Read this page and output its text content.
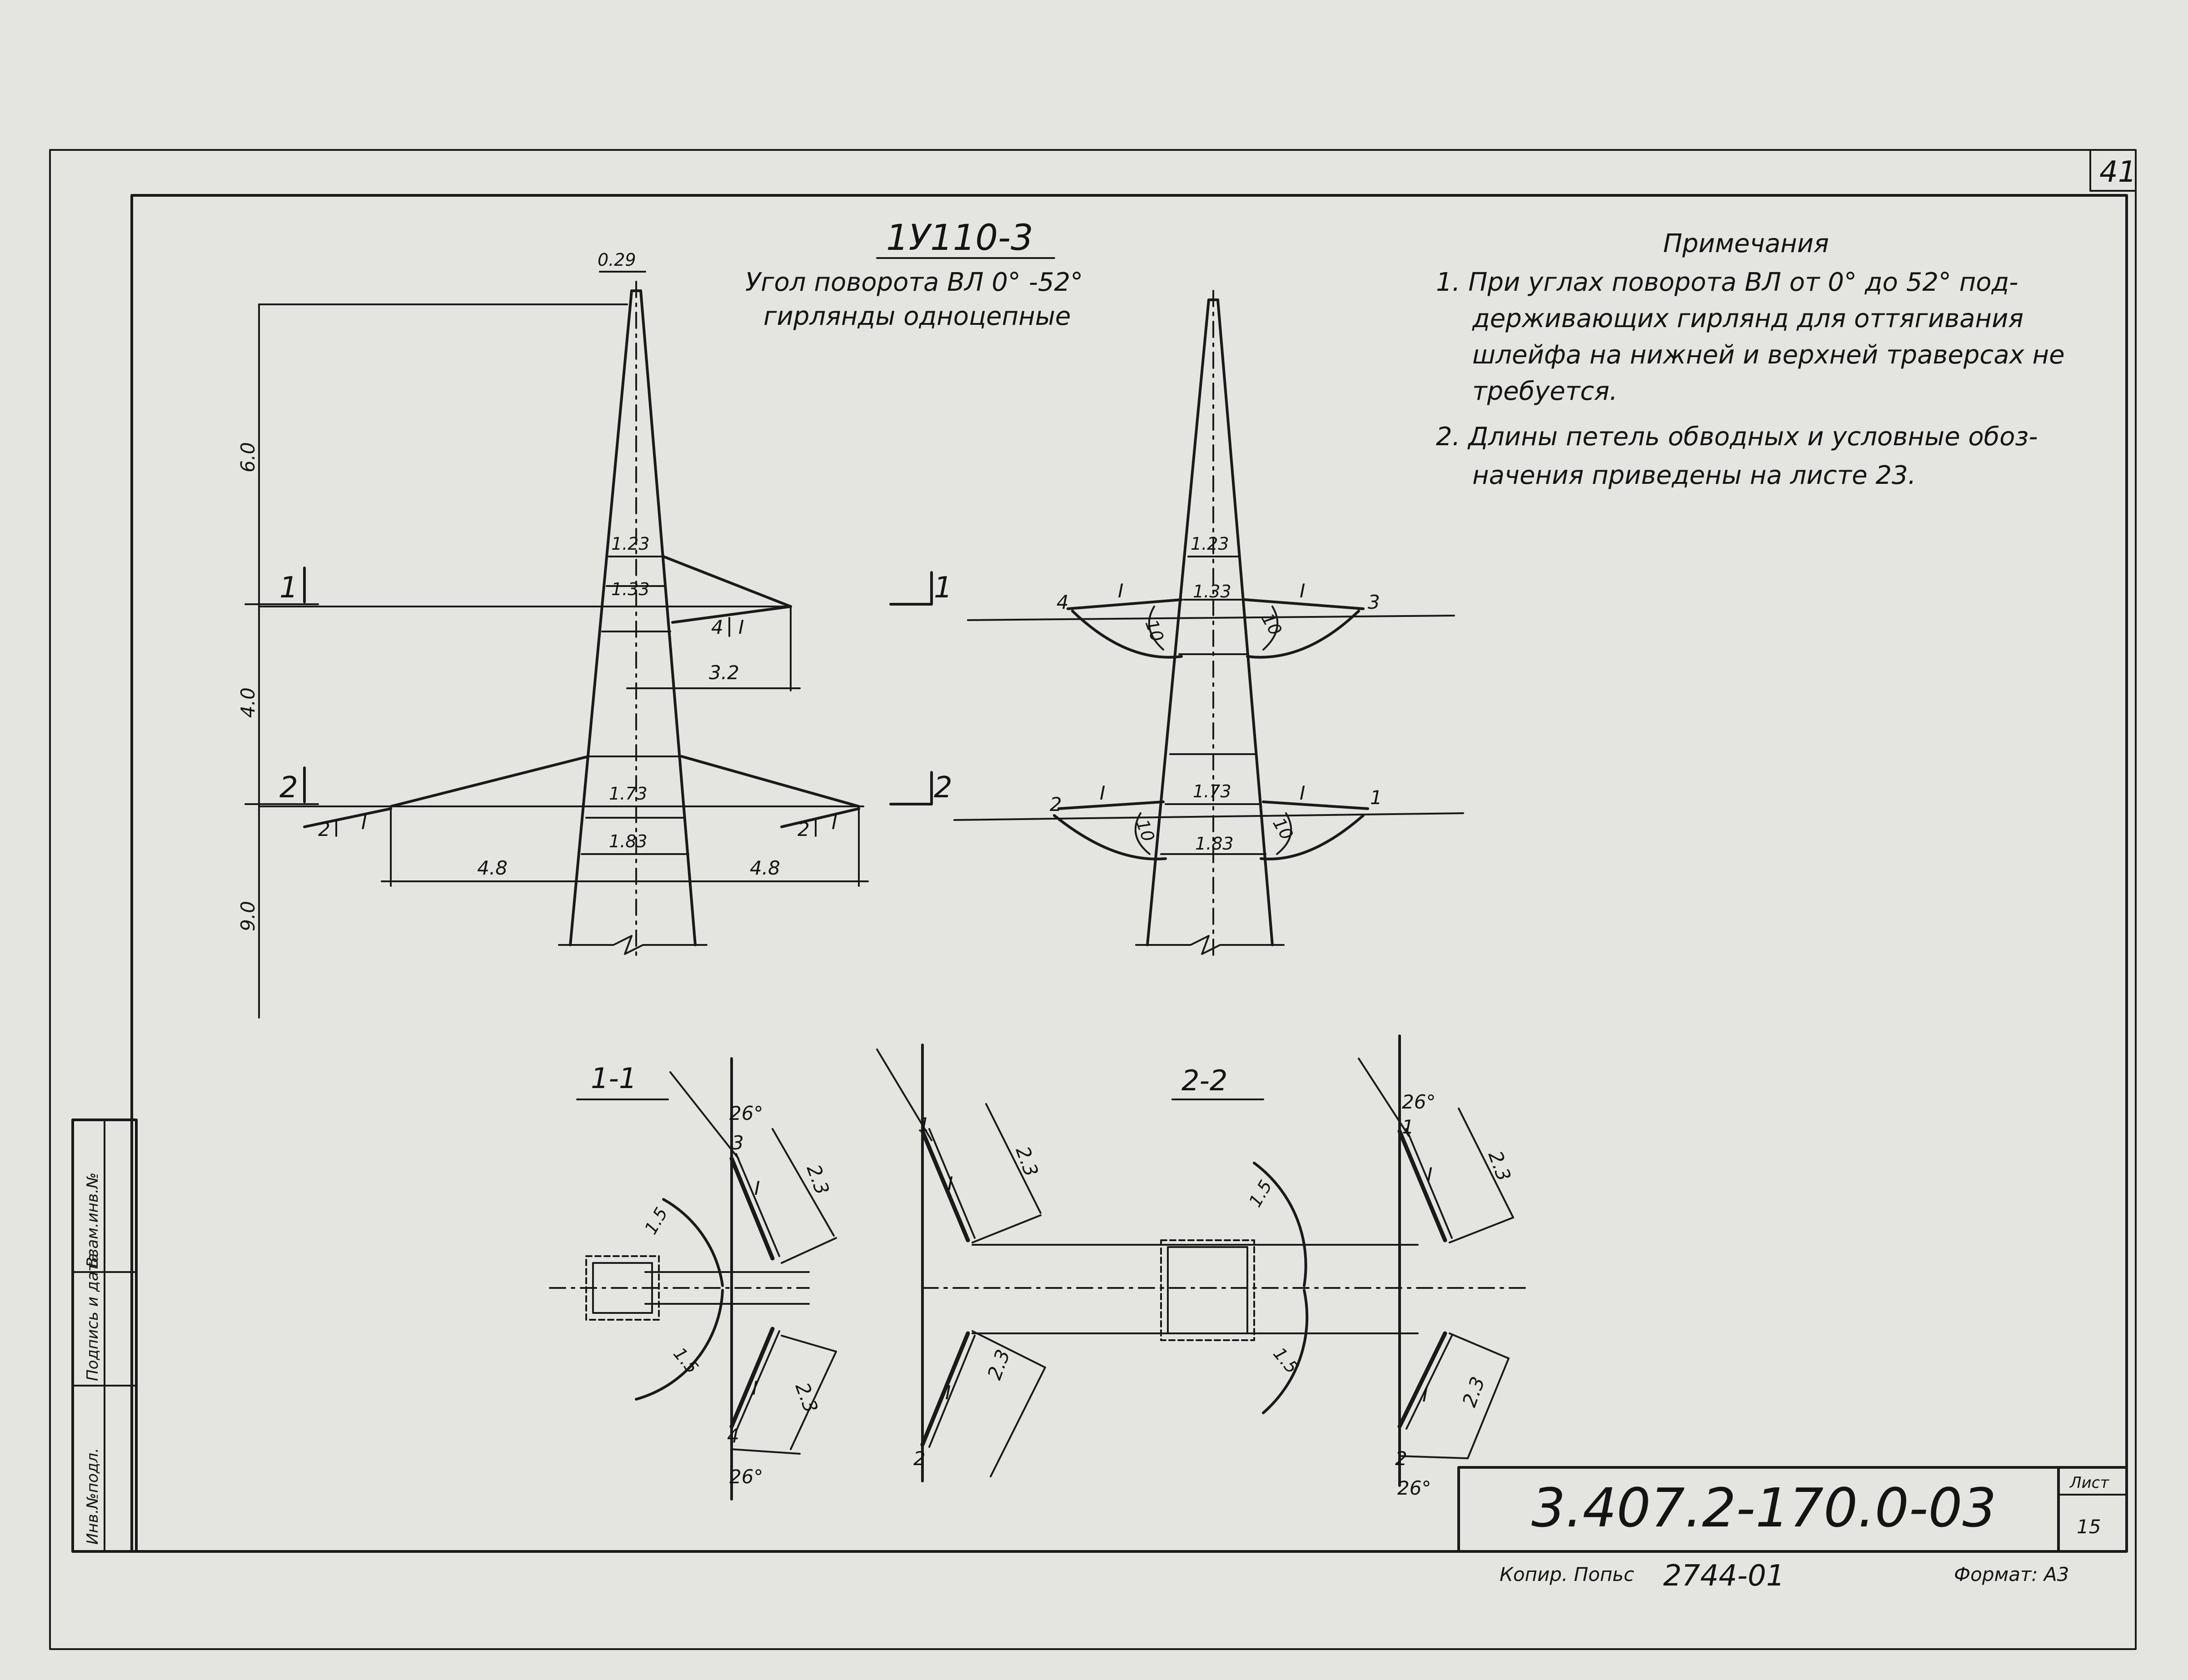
41
Инв.№подл.
Подпись и дата
Взам.инв.№
1У110-3
Угол поворота ВЛ 0° -52°
гирлянды одноцепные
Примечания
1. При углах поворота ВЛ от 0° до 52° под-
держивающих гирлянд для оттягивания
шлейфа на нижней и верхней траверсах не
требуется.
2. Длины петель обводных и условные обоз-
начения приведены на листе 23.
6.0
4.0
9.0
0.29
1.23
1.33
3.2
4 I
1
1.73
1.83
4.8	4.8
2 I	2 I
2
1.23
1.33
10	10
4	3
I	I
1
1.73
1.83
10	10
2	1
I	I
2
1-1
1.5
1.5
26°
26°
2.3
2.3
3
4
I
I
2-2
1.5
1.5
26°
26°
2.3
2.3
2.3
2.3
1
2
1
2
I
I
I
I
3.407.2-170.0-03	Лист
15
Копир. Попьс 2744-01	Формат: А3
